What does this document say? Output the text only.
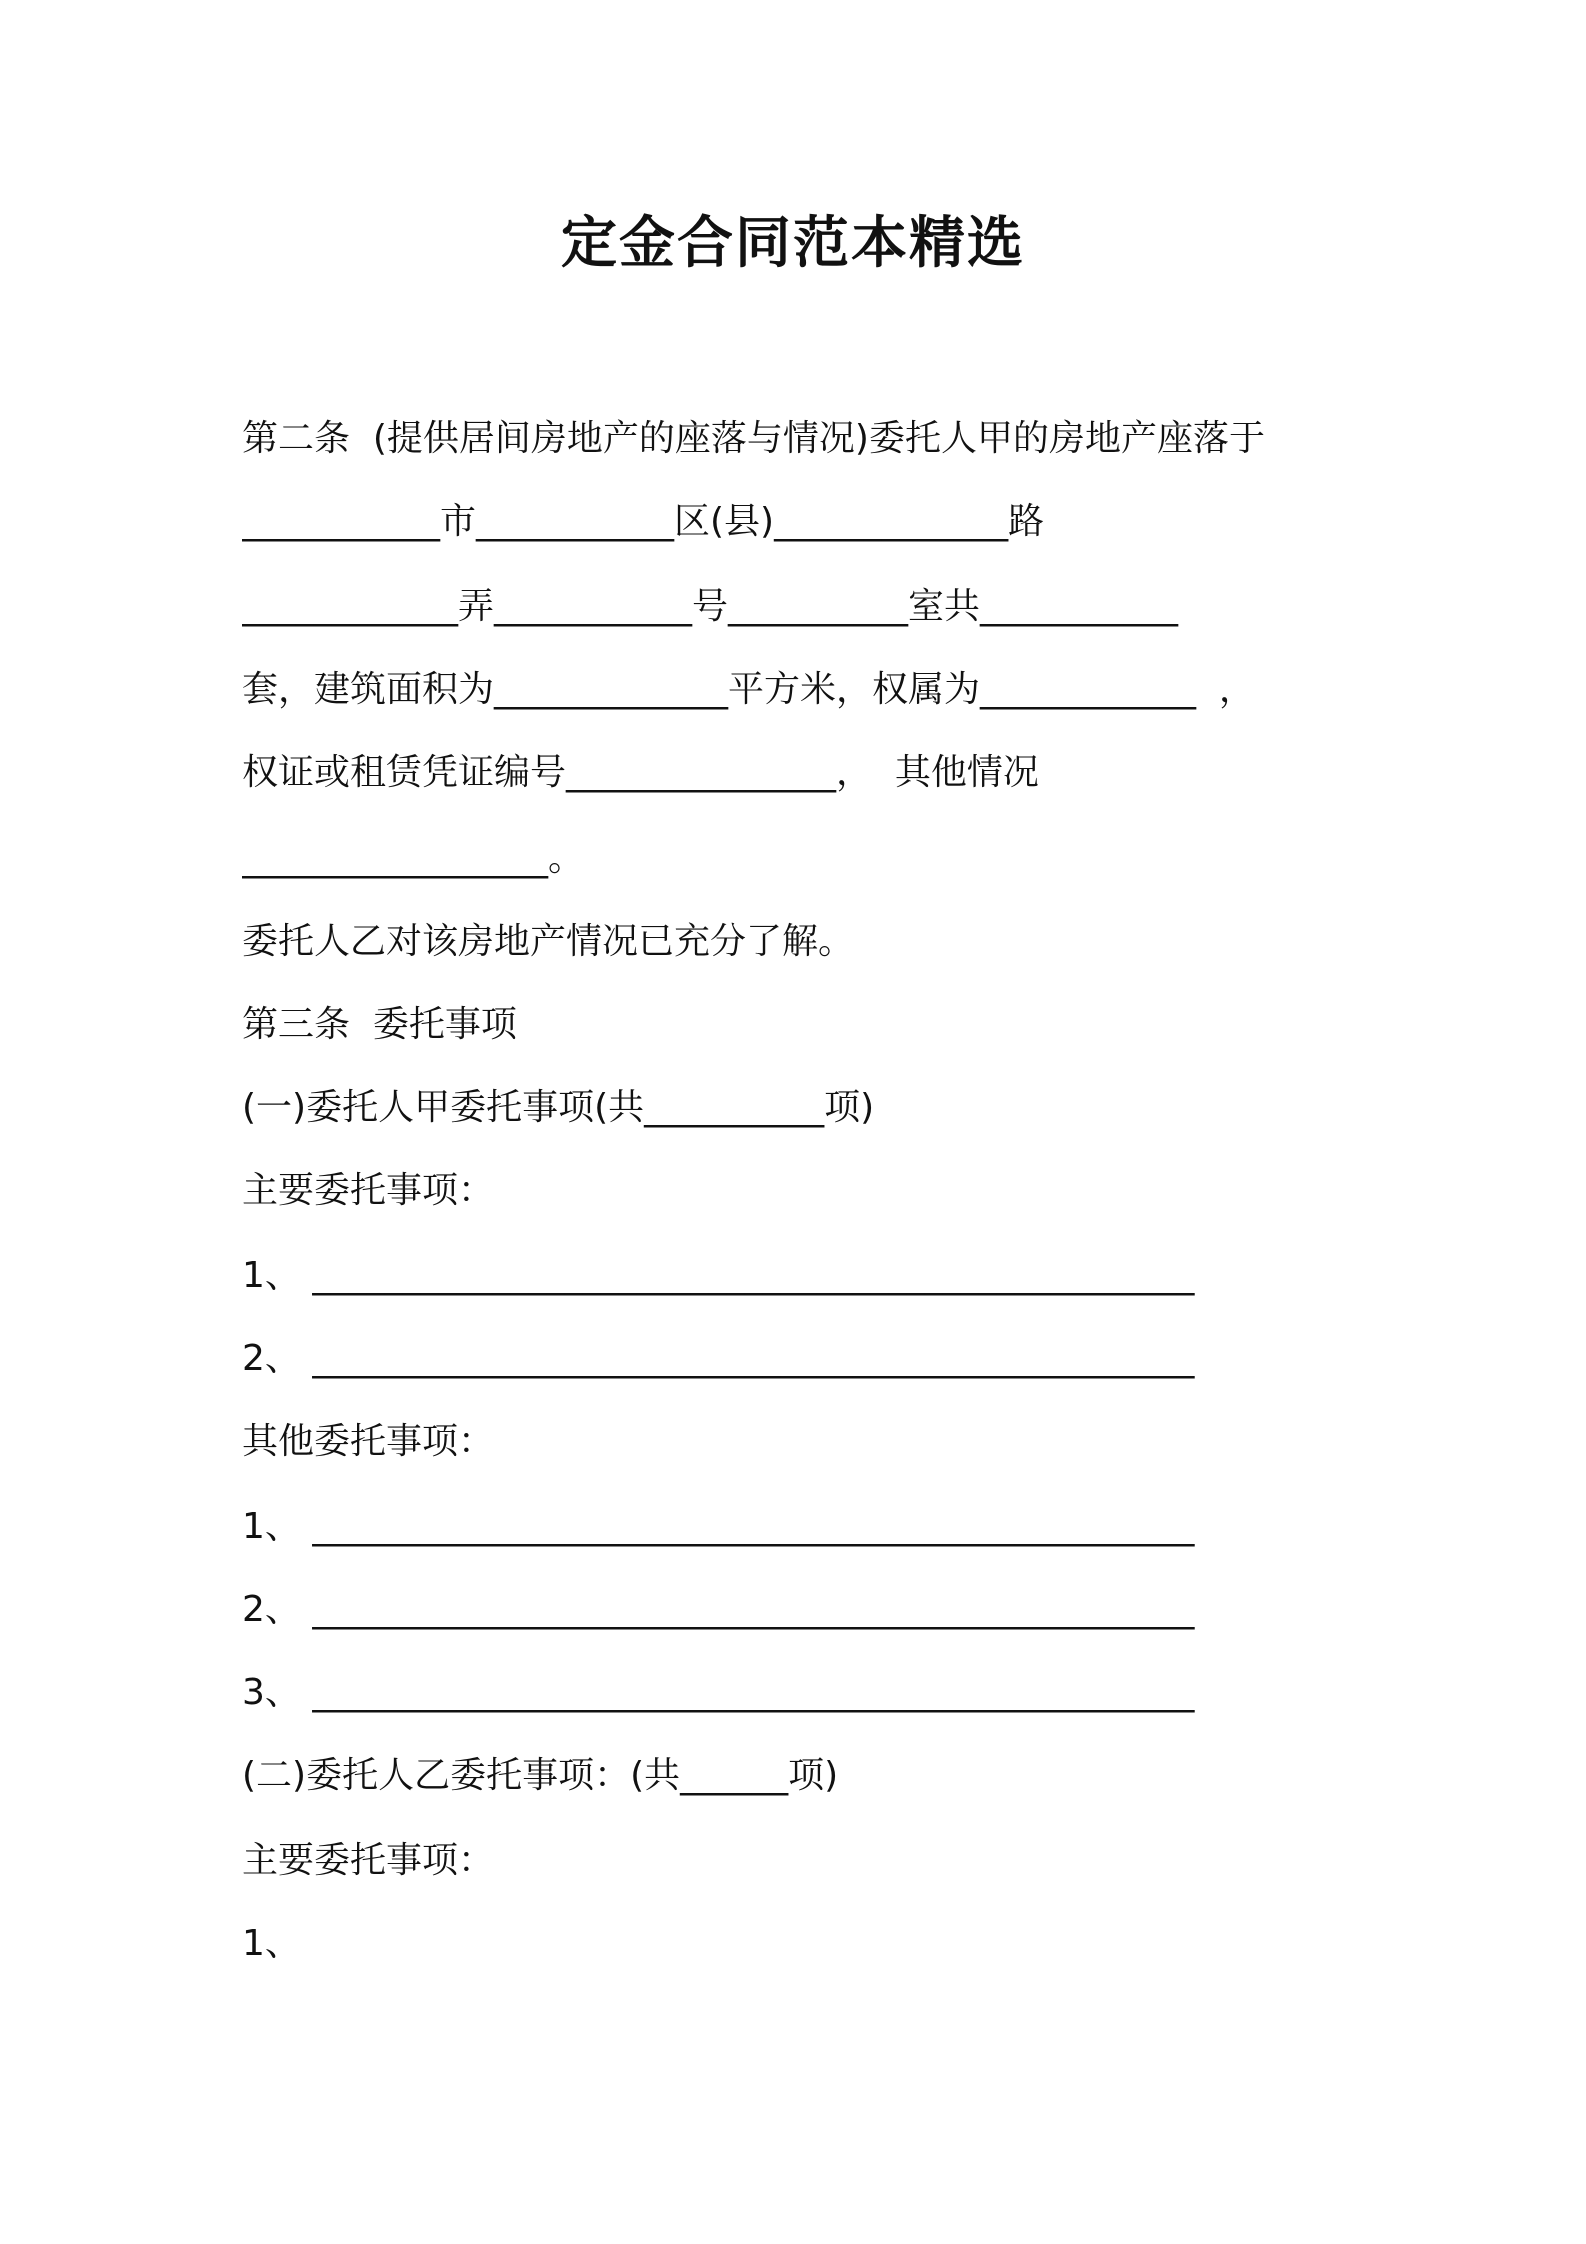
定金合同范本精选
第二条  (提供居间房地产的座落与情况)委托人甲的房地产座落于
___________市___________区(县)_____________路
____________弄___________号__________室共___________
套，建筑面积为_____________平方米，权属为____________  ，
权证或租赁凭证编号_______________，  其他情况
_________________。
委托人乙对该房地产情况已充分了解。
第三条  委托事项
(一)委托人甲委托事项(共__________项)
主要委托事项：
1、 _________________________________________________
2、 _________________________________________________
其他委托事项：
1、 _________________________________________________
2、 _________________________________________________
3、 _________________________________________________
(二)委托人乙委托事项：(共______项)
主要委托事项：
1、
